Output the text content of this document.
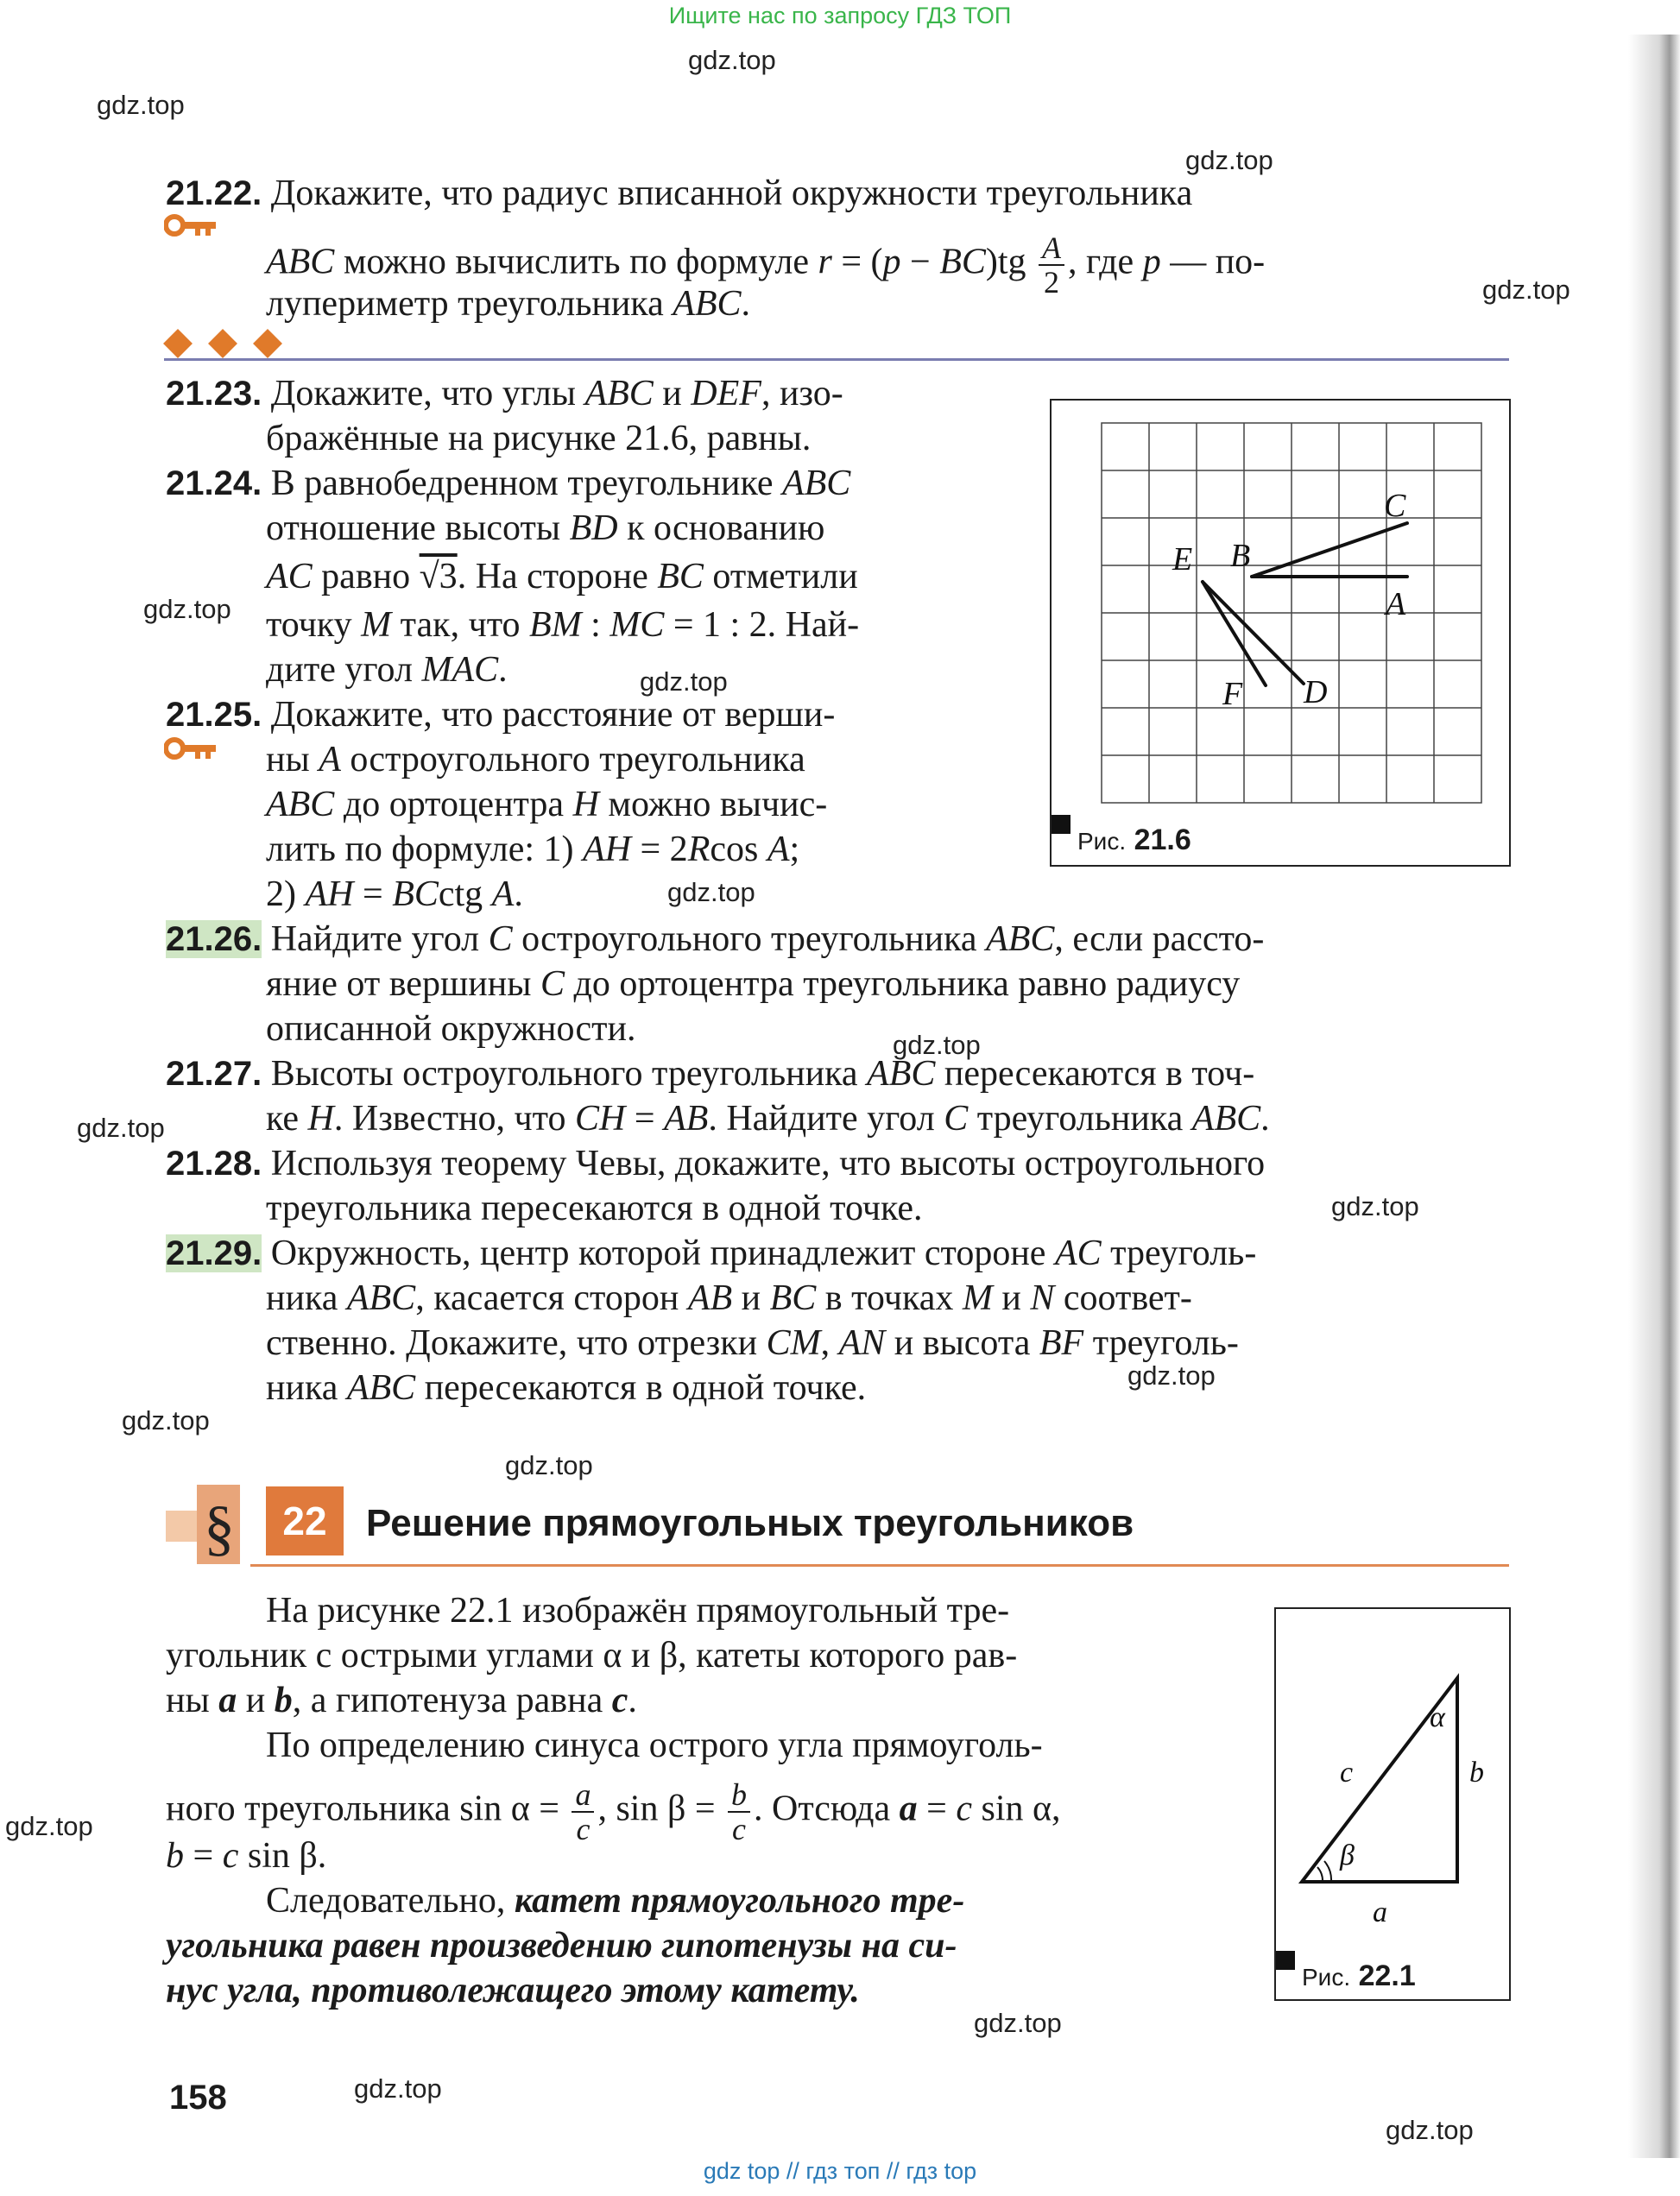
Ищите нас по запросу ГДЗ ТОП
gdz.top
gdz.top
gdz.top
gdz.top
gdz.top
gdz.top
gdz.top
gdz.top
gdz.top
gdz.top
gdz.top
gdz.top
gdz.top
gdz.top
gdz.top
gdz.top
gdz.top
21.22. Докажите, что радиус вписанной окружности треугольника
ABC можно вычислить по формуле $r = (p - BC)tg \frac{A}{2}$ , где p — по-
лупериметр треугольника ABC.
21.23. Докажите, что углы ABC и DEF, изо-
бражённые на рисунке 21.6, равны.
21.24. В равнобедренном треугольнике ABC
отношение высоты BD к основанию
AC равно √3. На стороне BC отметили
точку M так, что BM : MC = 1 : 2. Най-
дите угол MAC.
21.25. Докажите, что расстояние от верши-
ны A остроугольного треугольника
ABC до ортоцентра H можно вычис-
лить по формуле: 1) AH = 2Rcos A;
2) AH = BCctg A.
C
B
E
A
F D
Рис. 21.6
21.26. Найдите угол C остроугольного треугольника ABC, если рассто-
яние от вершины C до ортоцентра треугольника равно радиусу
описанной окружности.
21.27. Высоты остроугольного треугольника ABC пересекаются в точ-
ке H. Известно, что CH = AB. Найдите угол C треугольника ABC.
21.28. Используя теорему Чевы, докажите, что высоты остроугольного
треугольника пересекаются в одной точке.
21.29. Окружность, центр которой принадлежит стороне AC треуголь-
ника ABC, касается сторон AB и BC в точках M и N соответ-
ственно. Докажите, что отрезки CM, AN и высота BF треуголь-
ника ABC пересекаются в одной точке.
§	22	Решение прямоугольных треугольников
На рисунке 22.1 изображён прямоугольный тре-
угольник с острыми углами α и β, катеты которого рав-
ны a и b, а гипотенуза равна c.
По определению синуса острого угла прямоуголь-
ного треугольника $\sin \alpha = \frac{a}{c}$ , $\sin \beta = \frac{b}{c}$ . Отсюда a = c sin α,
b = c sin β.
Следовательно, катет прямоугольного тре-
угольника равен произведению гипотенузы на си-
нус угла, противолежащего этому катету.
α
β
c	b
a
Рис. 22.1
158
gdz top // гдз топ // гдз top
